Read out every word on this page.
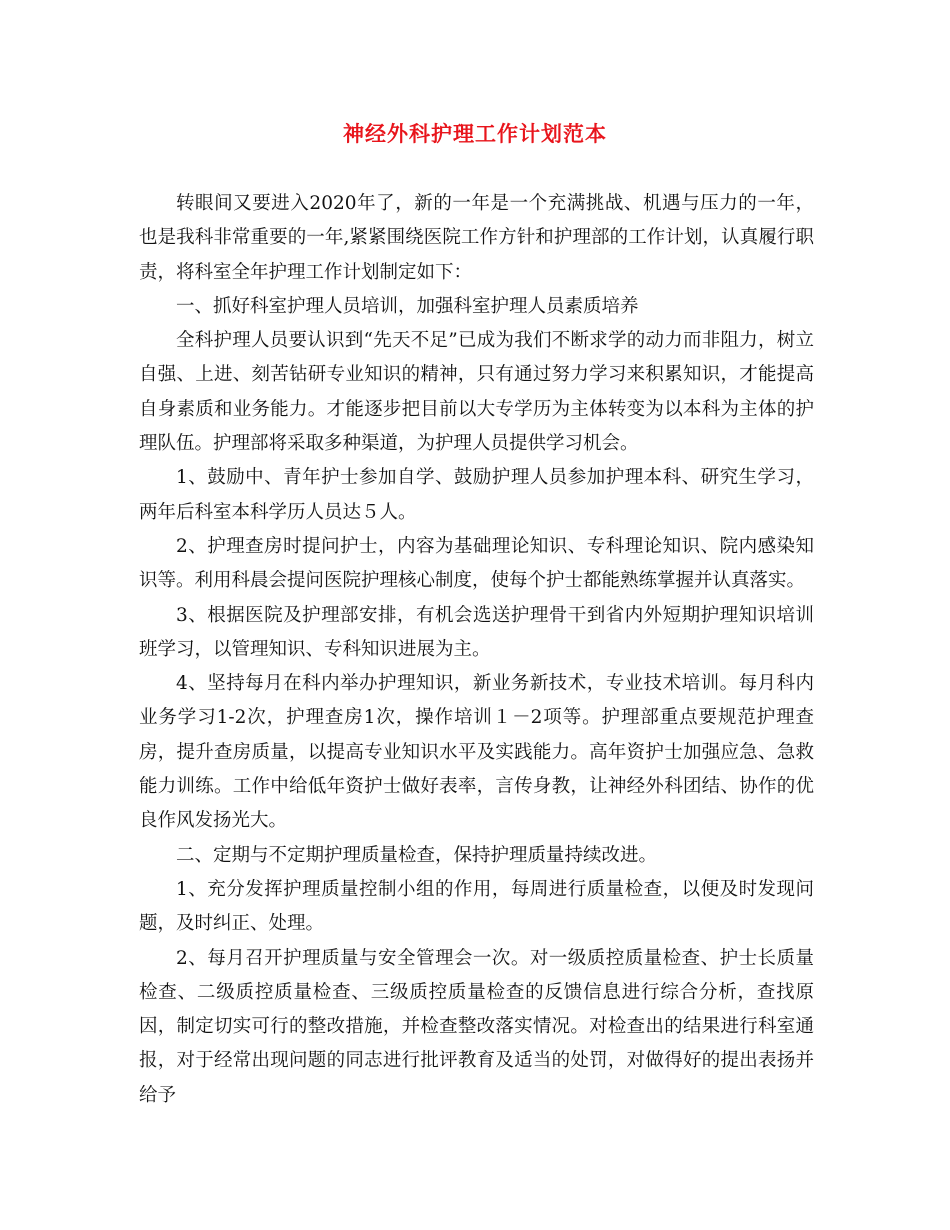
神经外科护理工作计划范本

转眼间又要进入2020年了，新的一年是一个充满挑战、机遇与压力的一年，也是我科非常重要的一年,紧紧围绕医院工作方针和护理部的工作计划，认真履行职责，将科室全年护理工作计划制定如下：

一、抓好科室护理人员培训，加强科室护理人员素质培养

全科护理人员要认识到“先天不足”已成为我们不断求学的动力而非阻力，树立自强、上进、刻苦钻研专业知识的精神，只有通过努力学习来积累知识，才能提高自身素质和业务能力。才能逐步把目前以大专学历为主体转变为以本科为主体的护理队伍。护理部将采取多种渠道，为护理人员提供学习机会。

1、鼓励中、青年护士参加自学、鼓励护理人员参加护理本科、研究生学习，两年后科室本科学历人员达５人。

2、护理查房时提问护士，内容为基础理论知识、专科理论知识、院内感染知识等。利用科晨会提问医院护理核心制度，使每个护士都能熟练掌握并认真落实。

3、根据医院及护理部安排，有机会选送护理骨干到省内外短期护理知识培训班学习，以管理知识、专科知识进展为主。

4、坚持每月在科内举办护理知识，新业务新技术，专业技术培训。每月科内业务学习1-2次，护理查房1次，操作培训１－2项等。护理部重点要规范护理查房，提升查房质量，以提高专业知识水平及实践能力。高年资护士加强应急、急救能力训练。工作中给低年资护士做好表率，言传身教，让神经外科团结、协作的优良作风发扬光大。

二、定期与不定期护理质量检查，保持护理质量持续改进。

1、充分发挥护理质量控制小组的作用，每周进行质量检查，以便及时发现问题，及时纠正、处理。

2、每月召开护理质量与安全管理会一次。对一级质控质量检查、护士长质量检查、二级质控质量检查、三级质控质量检查的反馈信息进行综合分析，查找原因，制定切实可行的整改措施，并检查整改落实情况。对检查出的结果进行科室通报，对于经常出现问题的同志进行批评教育及适当的处罚，对做得好的提出表扬并给予
